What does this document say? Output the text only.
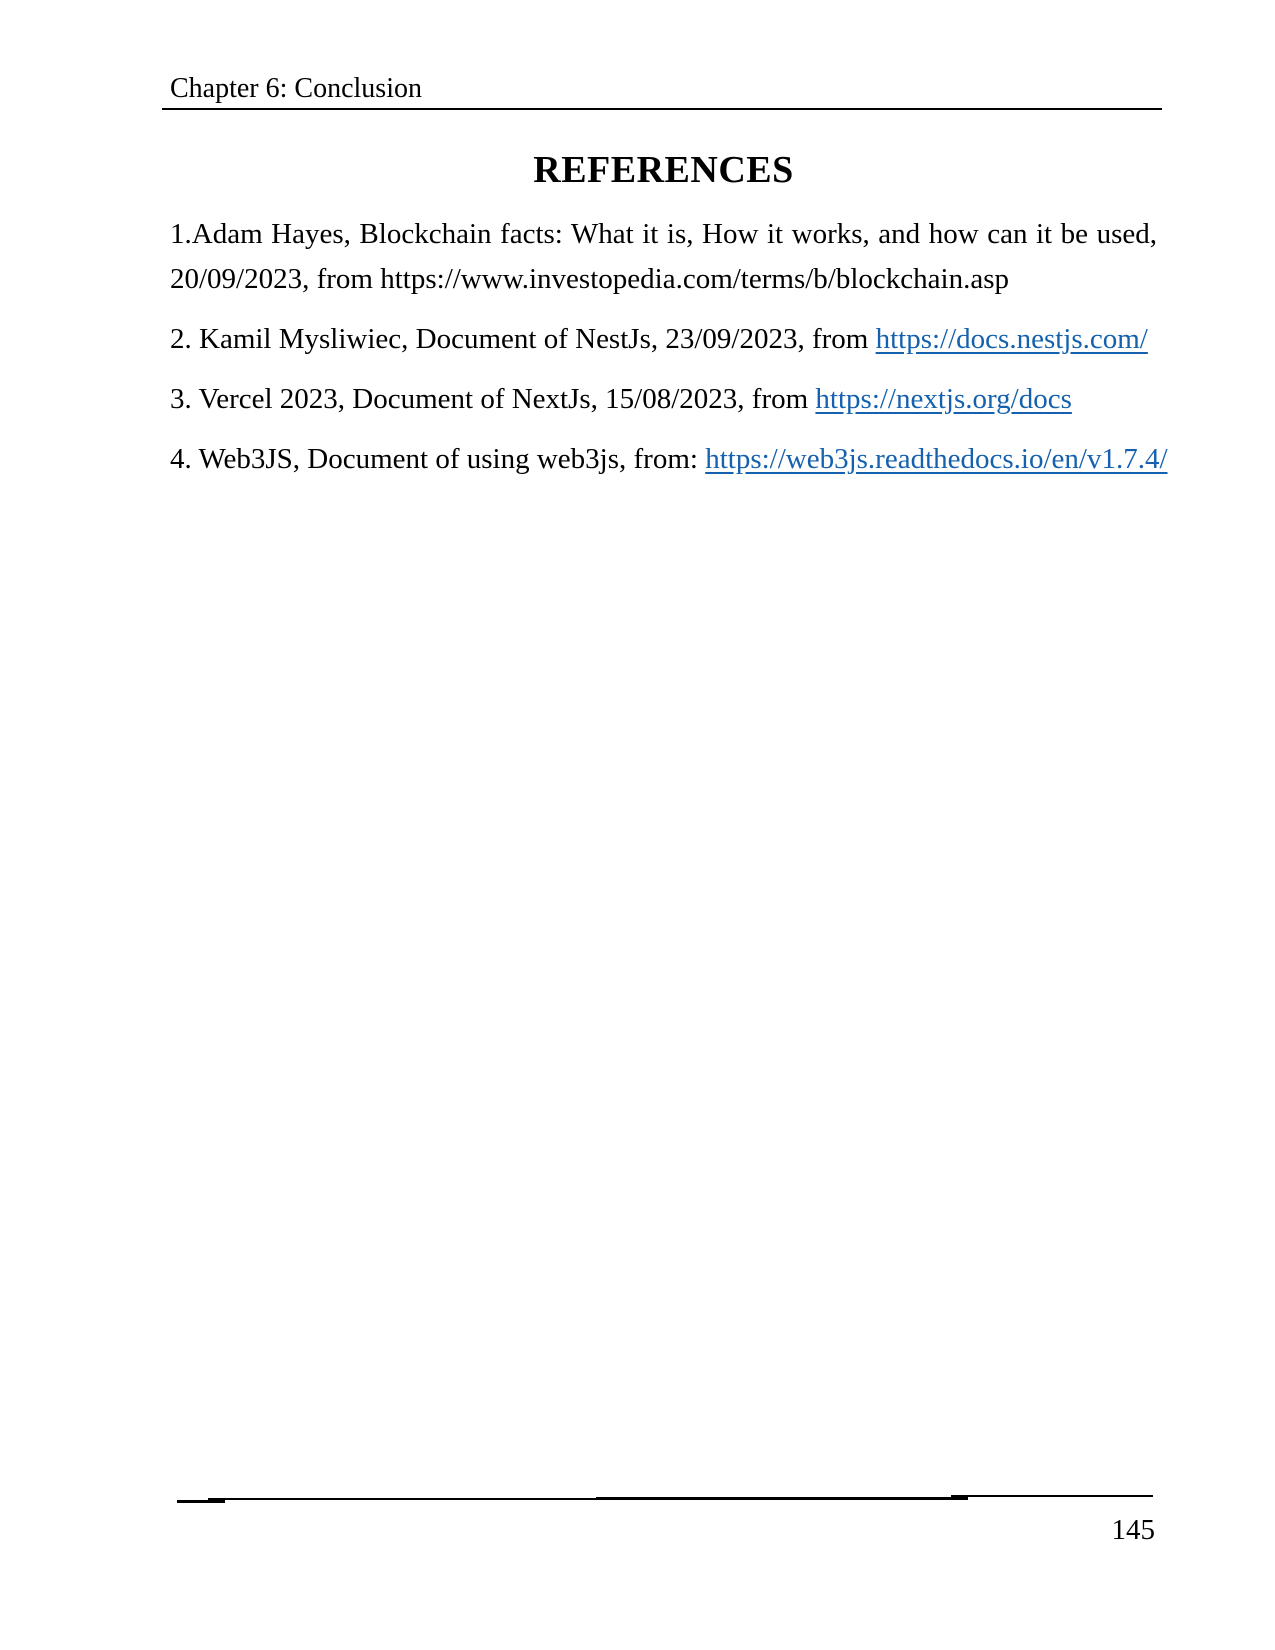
Chapter 6: Conclusion
REFERENCES
1.Adam Hayes, Blockchain facts: What it is, How it works, and how can it be used,
20/09/2023, from https://www.investopedia.com/terms/b/blockchain.asp
2. Kamil Mysliwiec, Document of NestJs, 23/09/2023, from https://docs.nestjs.com/
3. Vercel 2023, Document of NextJs, 15/08/2023, from https://nextjs.org/docs
4. Web3JS, Document of using web3js, from: https://web3js.readthedocs.io/en/v1.7.4/
145
